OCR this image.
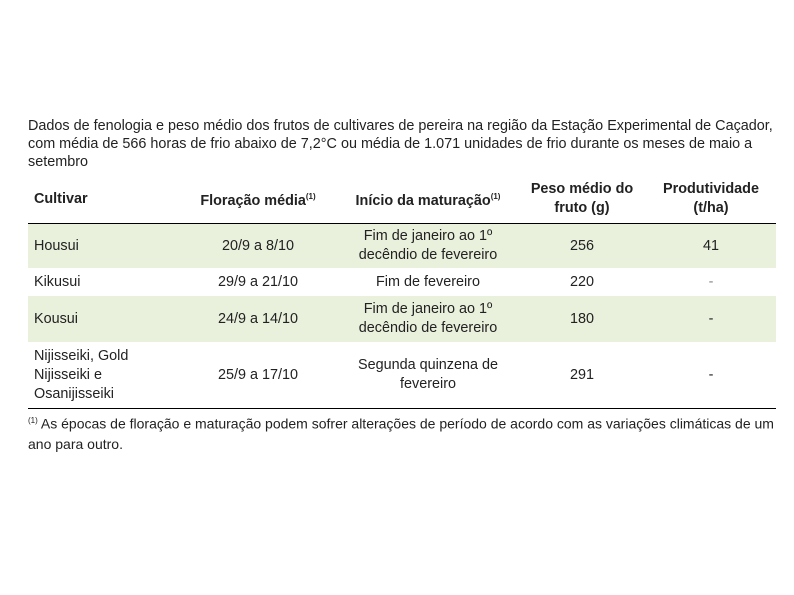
Dados de fenologia e peso médio dos frutos de cultivares de pereira na região da Estação Experimental de Caçador, com média de 566 horas de frio abaixo de 7,2°C ou média de 1.071 unidades de frio durante os meses de maio a setembro

Cultivar	Floração média$^{(1)}$	Início da maturação$^{(1)}$	Peso médio do fruto (g)	Produtividade (t/ha)
Housui	20/9 a 8/10	Fim de janeiro ao 1º decêndio de fevereiro	256	41
Kikusui	29/9 a 21/10	Fim de fevereiro	220	-
Kousui	24/9 a 14/10	Fim de janeiro ao 1º decêndio de fevereiro	180	-
Nijisseiki, Gold Nijisseiki e Osanijisseiki	25/9 a 17/10	Segunda quinzena de fevereiro	291	-

$^{(1)}$ As épocas de floração e maturação podem sofrer alterações de período de acordo com as variações climáticas de um ano para outro.
